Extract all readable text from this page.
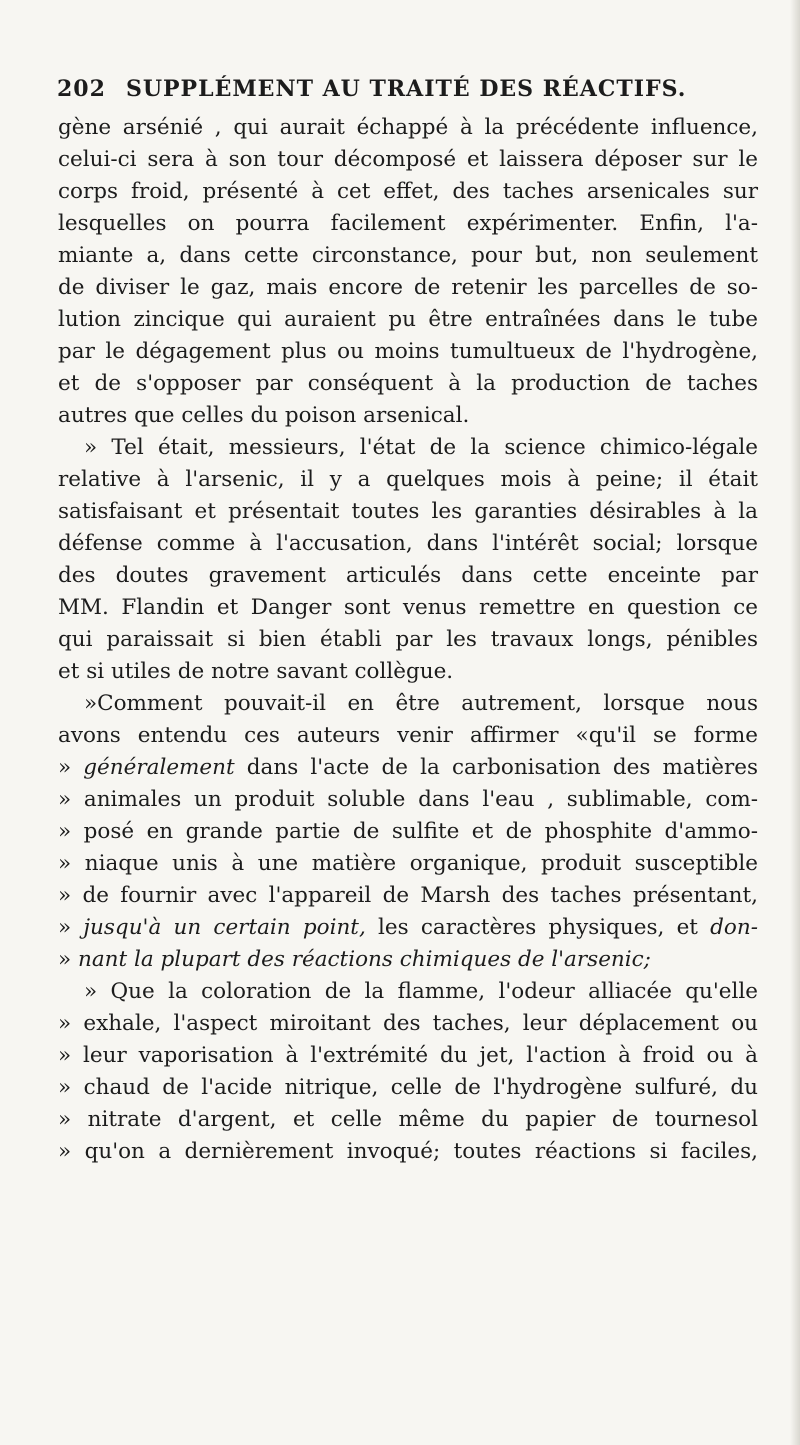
202 SUPPLÉMENT AU TRAITÉ DES RÉACTIFS.
gène arsénié , qui aurait échappé à la précédente influence,
celui-ci sera à son tour décomposé et laissera déposer sur le
corps froid, présenté à cet effet, des taches arsenicales sur
lesquelles on pourra facilement expérimenter. Enfin, l'a-
miante a, dans cette circonstance, pour but, non seulement
de diviser le gaz, mais encore de retenir les parcelles de so-
lution zincique qui auraient pu être entraînées dans le tube
par le dégagement plus ou moins tumultueux de l'hydrogène,
et de s'opposer par conséquent à la production de taches
autres que celles du poison arsenical.
» Tel était, messieurs, l'état de la science chimico-légale
relative à l'arsenic, il y a quelques mois à peine; il était
satisfaisant et présentait toutes les garanties désirables à la
défense comme à l'accusation, dans l'intérêt social; lorsque
des doutes gravement articulés dans cette enceinte par
MM. Flandin et Danger sont venus remettre en question ce
qui paraissait si bien établi par les travaux longs, pénibles
et si utiles de notre savant collègue.
»Comment pouvait-il en être autrement, lorsque nous
avons entendu ces auteurs venir affirmer «qu'il se forme
» généralement dans l'acte de la carbonisation des matières
» animales un produit soluble dans l'eau , sublimable, com-
» posé en grande partie de sulfite et de phosphite d'ammo-
» niaque unis à une matière organique, produit susceptible
» de fournir avec l'appareil de Marsh des taches présentant,
» jusqu'à un certain point, les caractères physiques, et don-
» nant la plupart des réactions chimiques de l'arsenic;
» Que la coloration de la flamme, l'odeur alliacée qu'elle
» exhale, l'aspect miroitant des taches, leur déplacement ou
» leur vaporisation à l'extrémité du jet, l'action à froid ou à
» chaud de l'acide nitrique, celle de l'hydrogène sulfuré, du
» nitrate d'argent, et celle même du papier de tournesol
» qu'on a dernièrement invoqué; toutes réactions si faciles,
